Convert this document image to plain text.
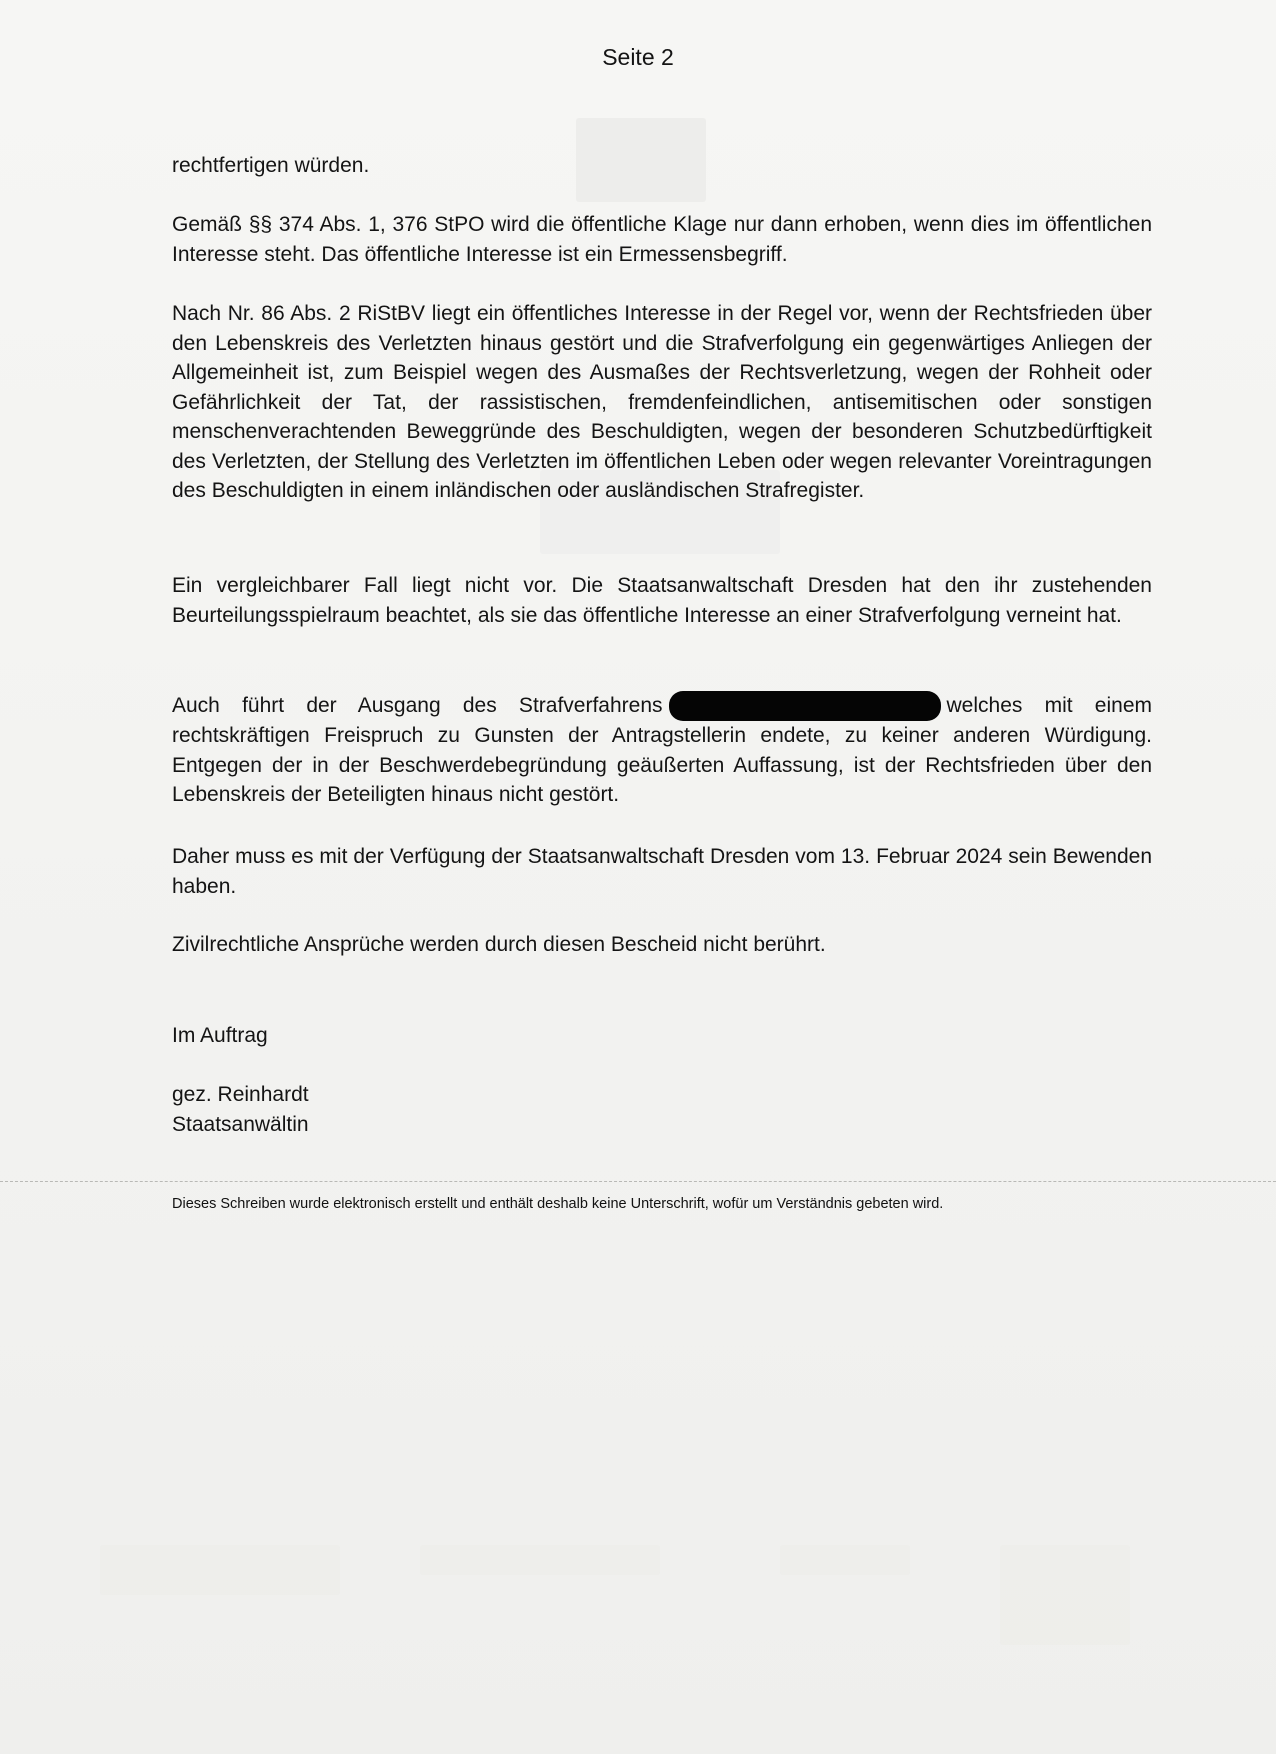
Seite 2

rechtfertigen würden.

Gemäß §§ 374 Abs. 1, 376 StPO wird die öffentliche Klage nur dann erhoben, wenn dies im öffentlichen Interesse steht. Das öffentliche Interesse ist ein Ermessensbegriff.

Nach Nr. 86 Abs. 2 RiStBV liegt ein öffentliches Interesse in der Regel vor, wenn der Rechtsfrieden über den Lebenskreis des Verletzten hinaus gestört und die Strafverfolgung ein gegenwärtiges Anliegen der Allgemeinheit ist, zum Beispiel wegen des Ausmaßes der Rechtsverletzung, wegen der Rohheit oder Gefährlichkeit der Tat, der rassistischen, fremdenfeindlichen, antisemitischen oder sonstigen menschenverachtenden Beweggründe des Beschuldigten, wegen der besonderen Schutzbedürftigkeit des Verletzten, der Stellung des Verletzten im öffentlichen Leben oder wegen relevanter Voreintragungen des Beschuldigten in einem inländischen oder ausländischen Strafregister.

Ein vergleichbarer Fall liegt nicht vor. Die Staatsanwaltschaft Dresden hat den ihr zustehenden Beurteilungsspielraum beachtet, als sie das öffentliche Interesse an einer Strafverfolgung verneint hat.

Auch führt der Ausgang des Strafverfahrens	welches mit einem rechtskräftigen Freispruch zu Gunsten der Antragstellerin endete, zu keiner anderen Würdigung. Entgegen der in der Beschwerdebegründung geäußerten Auffassung, ist der Rechtsfrieden über den Lebenskreis der Beteiligten hinaus nicht gestört.

Daher muss es mit der Verfügung der Staatsanwaltschaft Dresden vom 13. Februar 2024 sein Bewenden haben.

Zivilrechtliche Ansprüche werden durch diesen Bescheid nicht berührt.

Im Auftrag

gez. Reinhardt

Staatsanwältin

Dieses Schreiben wurde elektronisch erstellt und enthält deshalb keine Unterschrift, wofür um Verständnis gebeten wird.
